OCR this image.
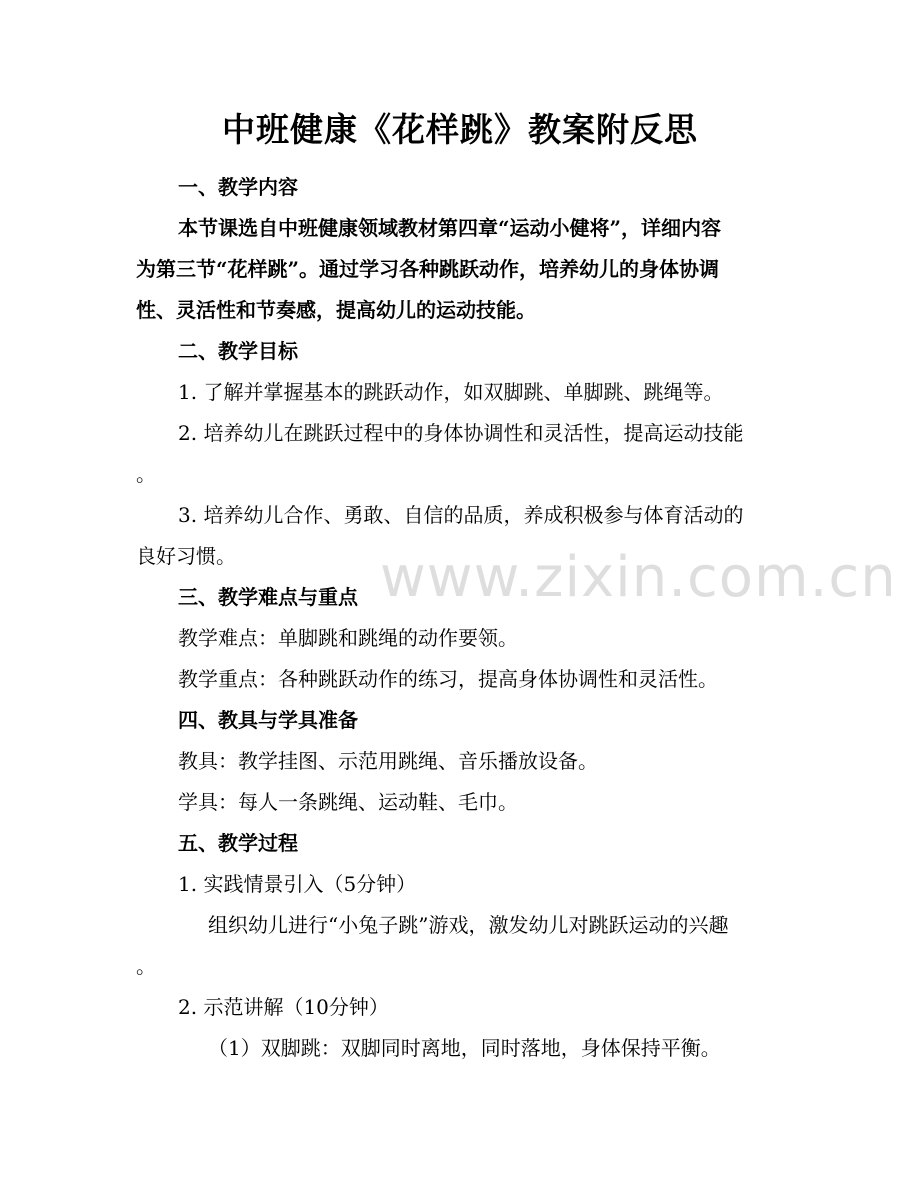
中班健康《花样跳》教案附反思
一、教学内容
本节课选自中班健康领域教材第四章“运动小健将”，详细内容
为第三节“花样跳”。通过学习各种跳跃动作，培养幼儿的身体协调
性、灵活性和节奏感，提高幼儿的运动技能。
二、教学目标
1. 了解并掌握基本的跳跃动作，如双脚跳、单脚跳、跳绳等。
2. 培养幼儿在跳跃过程中的身体协调性和灵活性，提高运动技能
。
3. 培养幼儿合作、勇敢、自信的品质，养成积极参与体育活动的
良好习惯。
三、教学难点与重点
教学难点：单脚跳和跳绳的动作要领。
教学重点：各种跳跃动作的练习，提高身体协调性和灵活性。
四、教具与学具准备
教具：教学挂图、示范用跳绳、音乐播放设备。
学具：每人一条跳绳、运动鞋、毛巾。
五、教学过程
1. 实践情景引入（5分钟）
组织幼儿进行“小兔子跳”游戏，激发幼儿对跳跃运动的兴趣
。
2. 示范讲解（10分钟）
（1）双脚跳：双脚同时离地，同时落地，身体保持平衡。
www.zixin.com.cn
